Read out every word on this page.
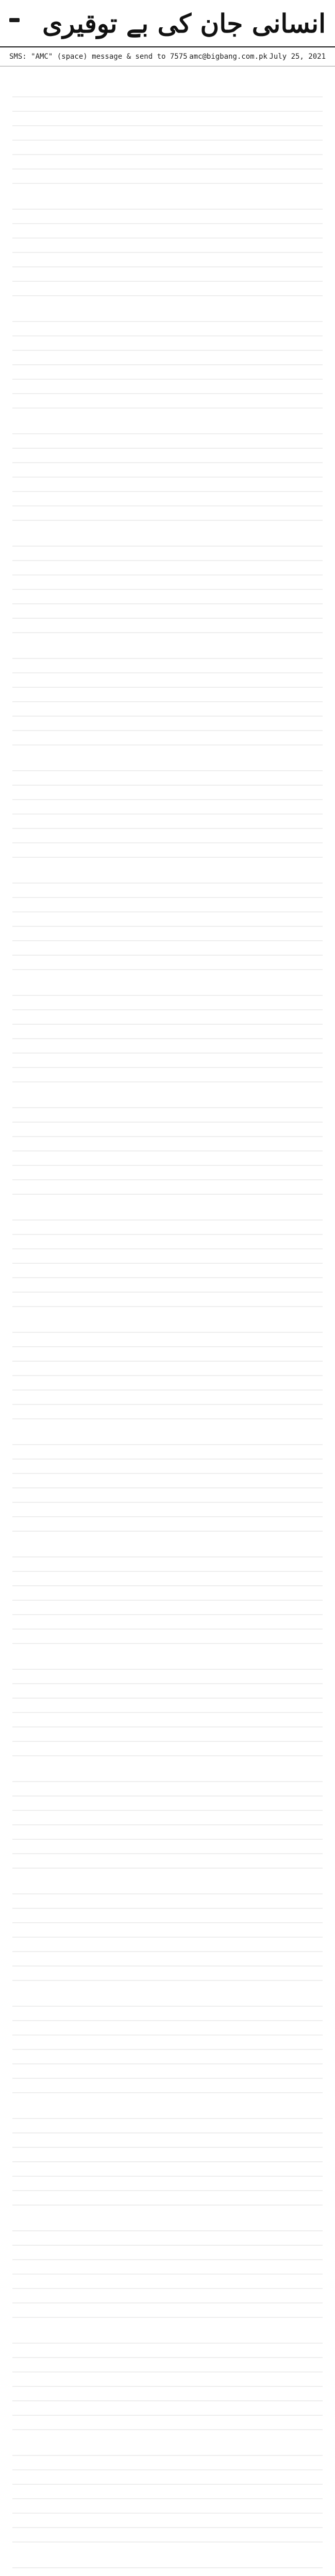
انسانی جان کی بے توقیری
SMS: "AMC" (space) message & send to 7575 amc@bigbang.com.pk July 25, 2021
